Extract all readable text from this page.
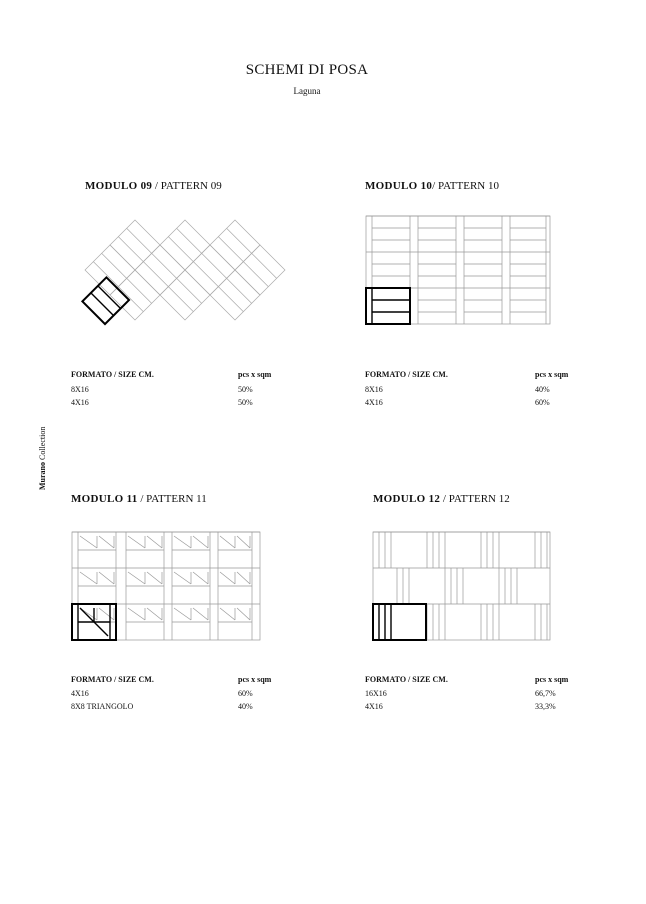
SCHEMI DI POSA
Laguna
Murano Collection
MODULO 09 / PATTERN 09
FORMATO / SIZE CM.	pcs x sqm
8X16	50%
4X16	50%
MODULO 10/ PATTERN 10
FORMATO / SIZE CM.	pcs x sqm
8X16	40%
4X16	60%
MODULO 11 / PATTERN 11
FORMATO / SIZE CM.	pcs x sqm
4X16	60%
8X8 TRIANGOLO	40%
MODULO 12 / PATTERN 12
FORMATO / SIZE CM.	pcs x sqm
16X16	66,7%
4X16	33,3%
